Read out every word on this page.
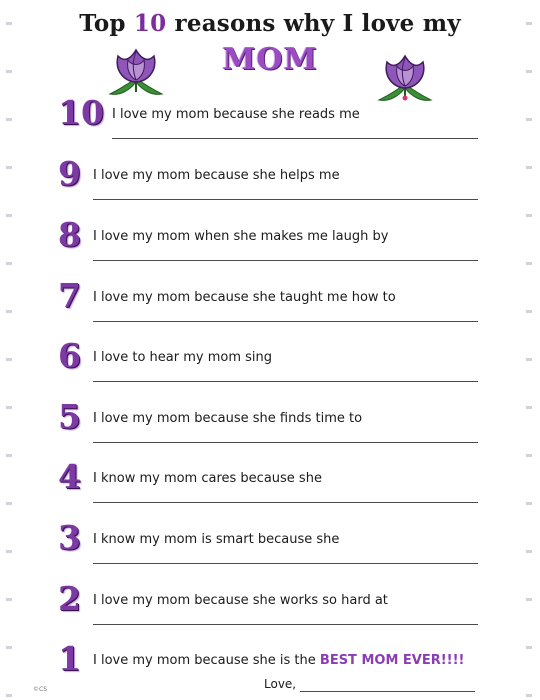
Top 10 reasons why I love my
MOM
10 I love my mom because she reads me
9 I love my mom because she helps me
8 I love my mom when she makes me laugh by
7 I love my mom because she taught me how to
6 I love to hear my mom sing
5 I love my mom because she finds time to
4 I know my mom cares because she
3 I know my mom is smart because she
2 I love my mom because she works so hard at
1 I love my mom because she is the BEST MOM EVER!!!!
Love,
©CS
